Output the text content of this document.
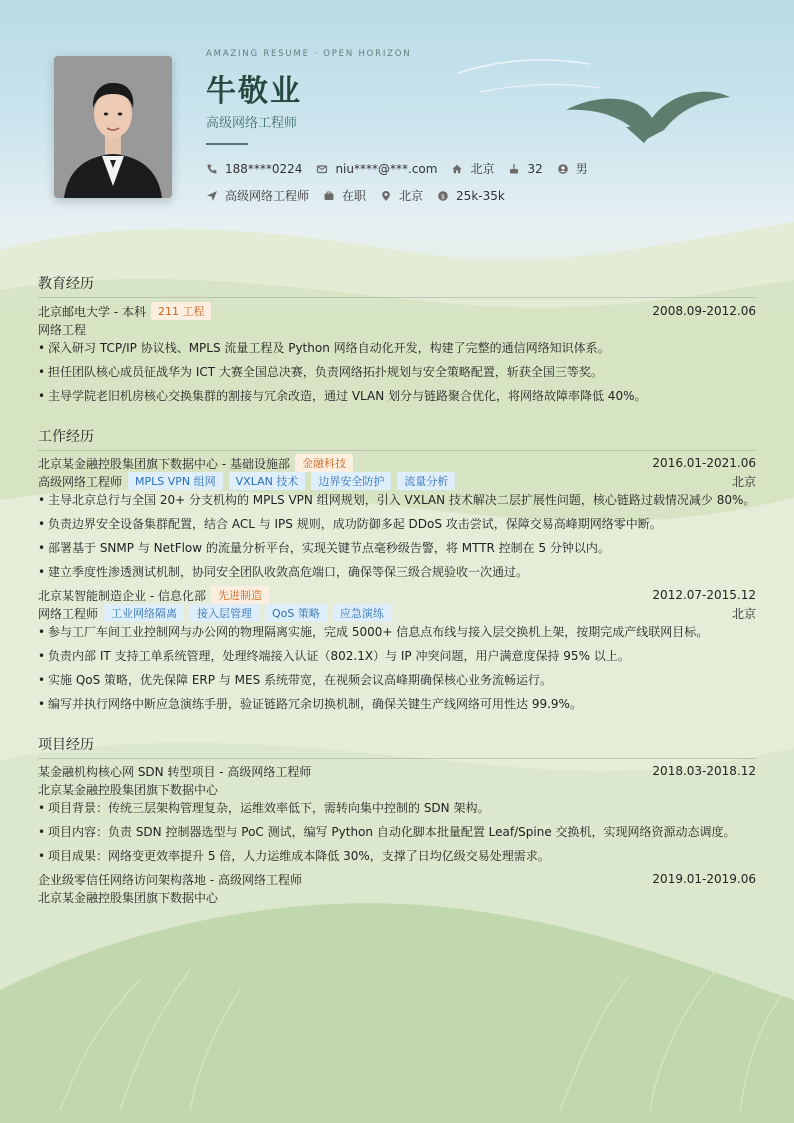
AMAZING RESUME · OPEN HORIZON
牛敬业
高级网络工程师
188****0224	niu****@***.com	北京	32	男
高级网络工程师	在职	北京	$ 25k-35k
教育经历
北京邮电大学 - 本科	211 工程	2008.09-2012.06
网络工程
• 深入研习 TCP/IP 协议栈、MPLS 流量工程及 Python 网络自动化开发，构建了完整的通信网络知识体系。
• 担任团队核心成员征战华为 ICT 大赛全国总决赛，负责网络拓扑规划与安全策略配置，斩获全国三等奖。
• 主导学院老旧机房核心交换集群的割接与冗余改造，通过 VLAN 划分与链路聚合优化，将网络故障率降低 40%。
工作经历
北京某金融控股集团旗下数据中心 - 基础设施部	金融科技	2016.01-2021.06
高级网络工程师	MPLS VPN 组网	VXLAN 技术	边界安全防护	流量分析	北京
• 主导北京总行与全国 20+ 分支机构的 MPLS VPN 组网规划，引入 VXLAN 技术解决二层扩展性问题，核心链路过载情况减少 80%。
• 负责边界安全设备集群配置，结合 ACL 与 IPS 规则，成功防御多起 DDoS 攻击尝试，保障交易高峰期网络零中断。
• 部署基于 SNMP 与 NetFlow 的流量分析平台，实现关键节点毫秒级告警，将 MTTR 控制在 5 分钟以内。
• 建立季度性渗透测试机制，协同安全团队收敛高危端口，确保等保三级合规验收一次通过。
北京某智能制造企业 - 信息化部	先进制造	2012.07-2015.12
网络工程师	工业网络隔离	接入层管理	QoS 策略	应急演练	北京
• 参与工厂车间工业控制网与办公网的物理隔离实施，完成 5000+ 信息点布线与接入层交换机上架，按期完成产线联网目标。
• 负责内部 IT 支持工单系统管理，处理终端接入认证（802.1X）与 IP 冲突问题，用户满意度保持 95% 以上。
• 实施 QoS 策略，优先保障 ERP 与 MES 系统带宽，在视频会议高峰期确保核心业务流畅运行。
• 编写并执行网络中断应急演练手册，验证链路冗余切换机制，确保关键生产线网络可用性达 99.9%。
项目经历
某金融机构核心网 SDN 转型项目 - 高级网络工程师	2018.03-2018.12
北京某金融控股集团旗下数据中心
• 项目背景：传统三层架构管理复杂，运维效率低下，需转向集中控制的 SDN 架构。
• 项目内容：负责 SDN 控制器选型与 PoC 测试，编写 Python 自动化脚本批量配置 Leaf/Spine 交换机，实现网络资源动态调度。
• 项目成果：网络变更效率提升 5 倍，人力运维成本降低 30%，支撑了日均亿级交易处理需求。
企业级零信任网络访问架构落地 - 高级网络工程师	2019.01-2019.06
北京某金融控股集团旗下数据中心
